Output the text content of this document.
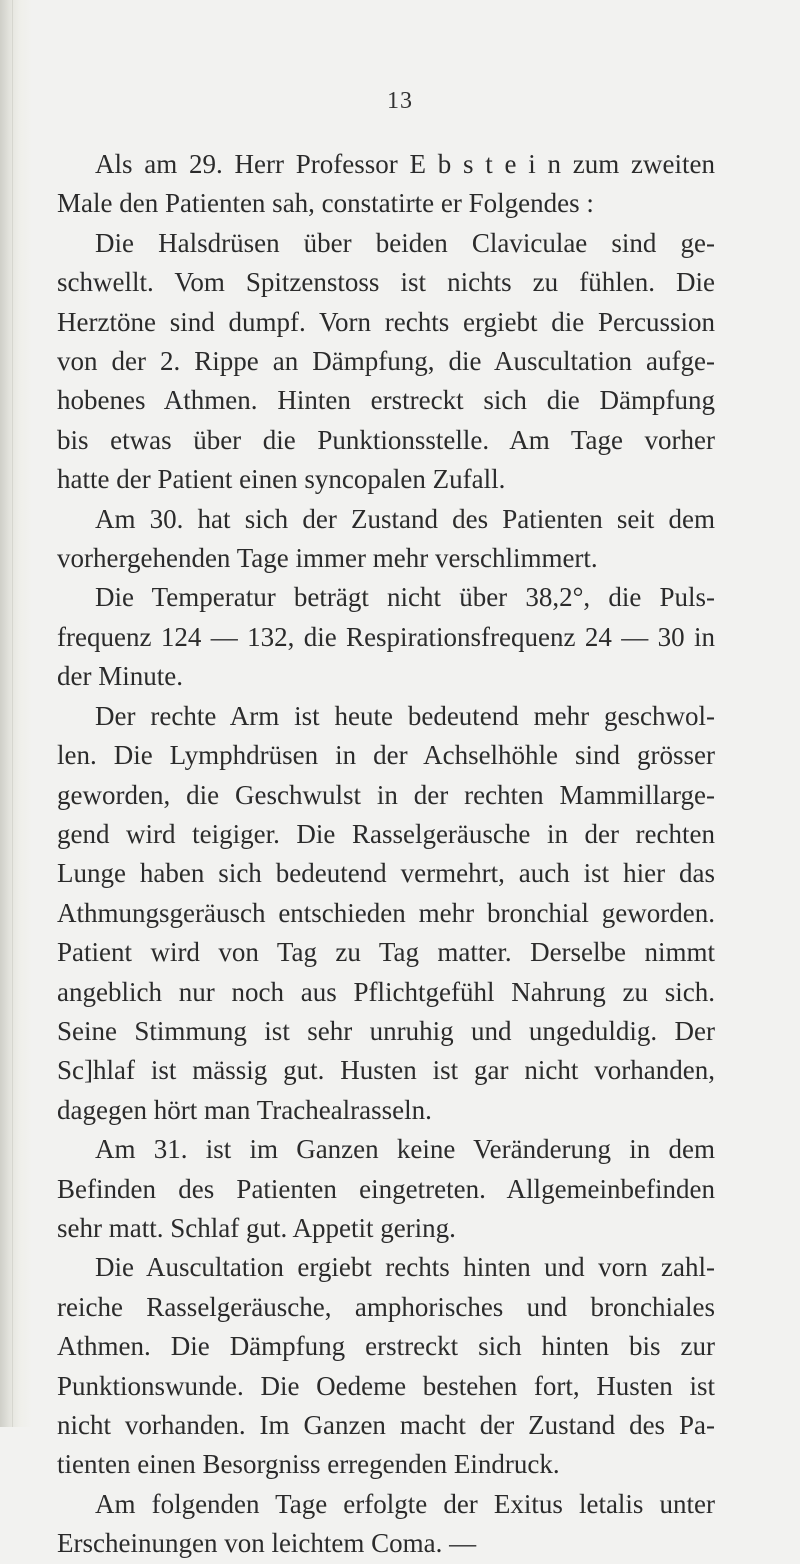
13
Als am 29. Herr Professor E b s t e i n zum zweiten
Male den Patienten sah, constatirte er Folgendes :
Die Halsdrüsen über beiden Claviculae sind ge-
schwellt. Vom Spitzenstoss ist nichts zu fühlen. Die
Herztöne sind dumpf. Vorn rechts ergiebt die Percussion
von der 2. Rippe an Dämpfung, die Auscultation aufge-
hobenes Athmen. Hinten erstreckt sich die Dämpfung
bis etwas über die Punktionsstelle. Am Tage vorher
hatte der Patient einen syncopalen Zufall.
Am 30. hat sich der Zustand des Patienten seit dem
vorhergehenden Tage immer mehr verschlimmert.
Die Temperatur beträgt nicht über 38,2°, die Puls-
frequenz 124 — 132, die Respirationsfrequenz 24 — 30 in
der Minute.
Der rechte Arm ist heute bedeutend mehr geschwol-
len. Die Lymphdrüsen in der Achselhöhle sind grösser
geworden, die Geschwulst in der rechten Mammillarge-
gend wird teigiger. Die Rasselgeräusche in der rechten
Lunge haben sich bedeutend vermehrt, auch ist hier das
Athmungsgeräusch entschieden mehr bronchial geworden.
Patient wird von Tag zu Tag matter. Derselbe nimmt
angeblich nur noch aus Pflichtgefühl Nahrung zu sich.
Seine Stimmung ist sehr unruhig und ungeduldig. Der
Sc]hlaf ist mässig gut. Husten ist gar nicht vorhanden,
dagegen hört man Trachealrasseln.
Am 31. ist im Ganzen keine Veränderung in dem
Befinden des Patienten eingetreten. Allgemeinbefinden
sehr matt. Schlaf gut. Appetit gering.
Die Auscultation ergiebt rechts hinten und vorn zahl-
reiche Rasselgeräusche, amphorisches und bronchiales
Athmen. Die Dämpfung erstreckt sich hinten bis zur
Punktionswunde. Die Oedeme bestehen fort, Husten ist
nicht vorhanden. Im Ganzen macht der Zustand des Pa-
tienten einen Besorgniss erregenden Eindruck.
Am folgenden Tage erfolgte der Exitus letalis unter
Erscheinungen von leichtem Coma. —
